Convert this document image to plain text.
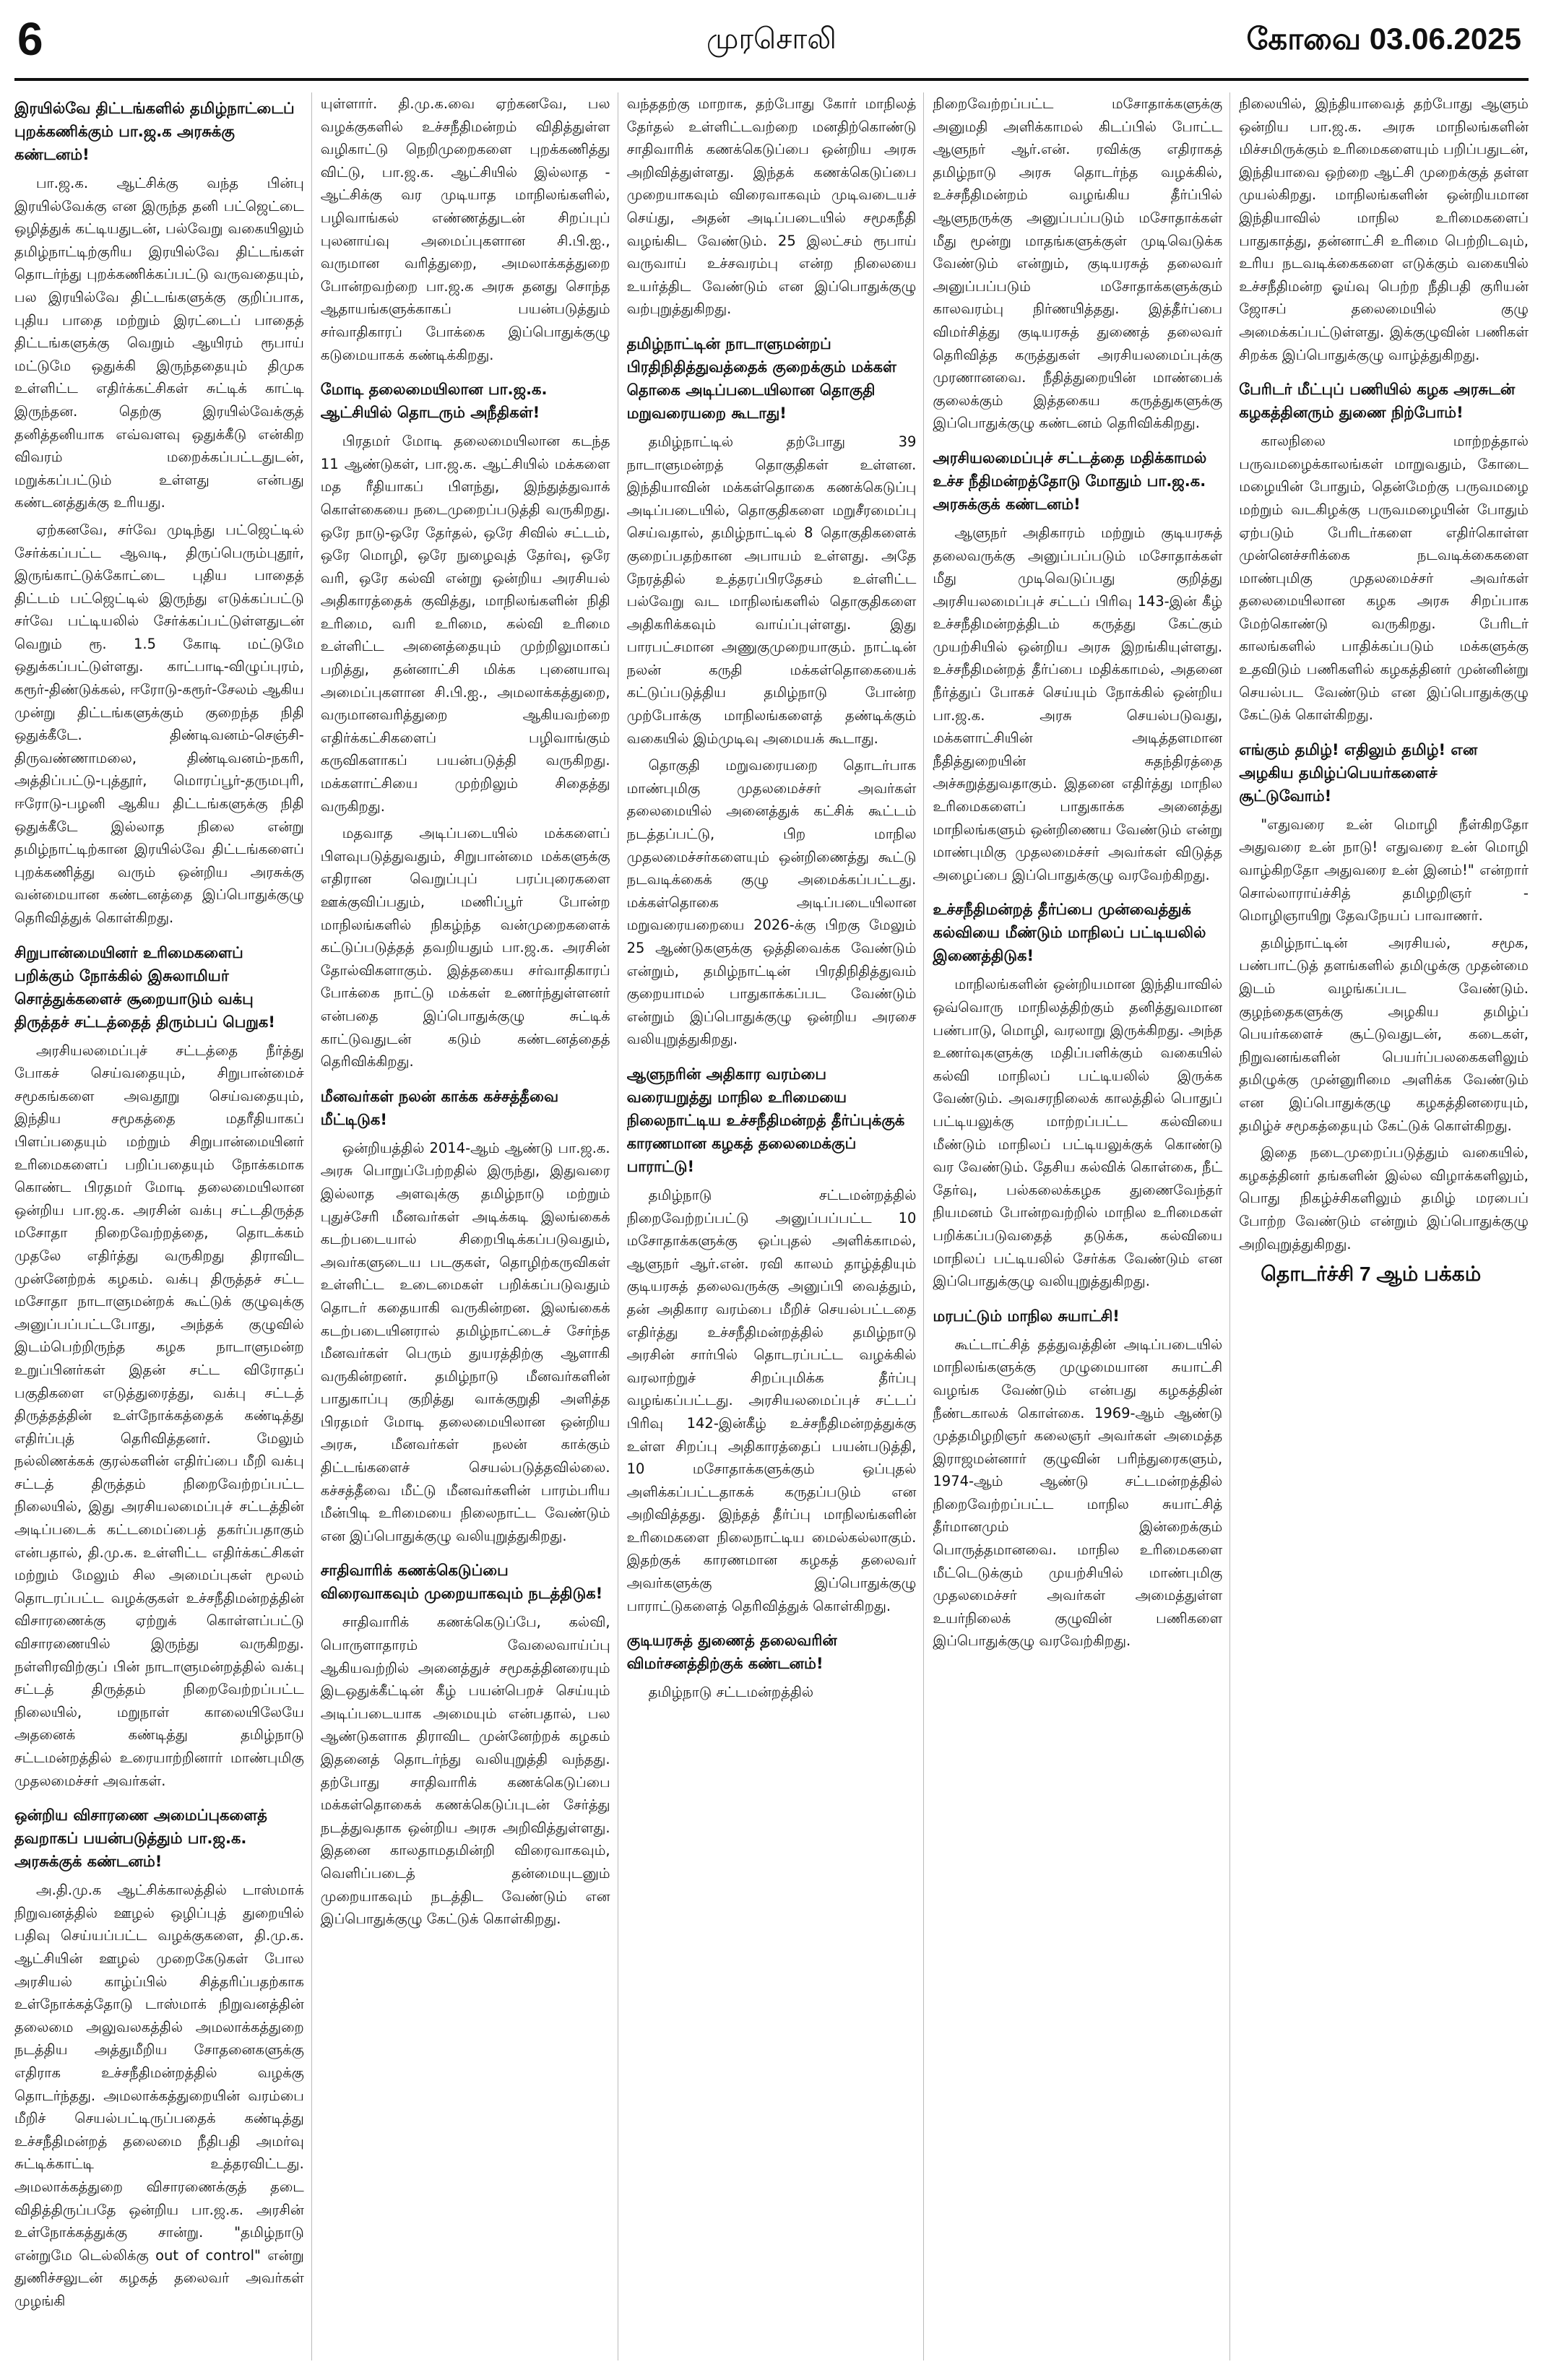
6	முரசொலி	கோவை 03.06.2025
இரயில்வே திட்டங்களில் தமிழ்நாட்டைப் புறக்கணிக்கும் பா.ஜ.க அரசுக்கு கண்டனம்!

பா.ஜ.க. ஆட்சிக்கு வந்த பின்பு இரயில்வேக்கு என இருந்த தனி பட்ஜெட்டை ஒழித்துக் கட்டியதுடன், பல்வேறு வகையிலும் தமிழ்நாட்டிற்குரிய இரயில்வே திட்டங்கள் தொடர்ந்து புறக்கணிக்கப்பட்டு வருவதையும், பல இரயில்வே திட்டங்களுக்கு குறிப்பாக, புதிய பாதை மற்றும் இரட்டைப் பாதைத் திட்டங்களுக்கு வெறும் ஆயிரம் ரூபாய் மட்டுமே ஒதுக்கி இருந்ததையும் திமுக உள்ளிட்ட எதிர்க்கட்சிகள் சுட்டிக் காட்டி இருந்தன. தெற்கு இரயில்வேக்குத் தனித்தனியாக எவ்வளவு ஒதுக்கீடு என்கிற விவரம் மறைக்கப்பட்டதுடன், மறுக்கப்பட்டும் உள்ளது என்பது கண்டனத்துக்கு உரியது.

ஏற்கனவே, சர்வே முடிந்து பட்ஜெட்டில் சேர்க்கப்பட்ட ஆவடி, திருப்பெரும்புதூர், இருங்காட்டுக்கோட்டை புதிய பாதைத் திட்டம் பட்ஜெட்டில் இருந்து எடுக்கப்பட்டு சர்வே பட்டியலில் சேர்க்கப்பட்டுள்ளதுடன் வெறும் ரூ. 1.5 கோடி மட்டுமே ஒதுக்கப்பட்டுள்ளது. காட்பாடி-விழுப்புரம், கரூர்-திண்டுக்கல், ஈரோடு-கரூர்-சேலம் ஆகிய முன்று திட்டங்களுக்கும் குறைந்த நிதி ஒதுக்கீடே. திண்டிவனம்-செஞ்சி-திருவண்ணாமலை, திண்டிவனம்-நகரி, அத்திப்பட்டு-புத்தூர், மொரப்பூர்-தருமபுரி, ஈரோடு-பழனி ஆகிய திட்டங்களுக்கு நிதி ஒதுக்கீடே இல்லாத நிலை என்று தமிழ்நாட்டிற்கான இரயில்வே திட்டங்களைப் புறக்கணித்து வரும் ஒன்றிய அரசுக்கு வன்மையான கண்டனத்தை இப்பொதுக்குழு தெரிவித்துக் கொள்கிறது.

சிறுபான்மையினர் உரிமைகளைப் பறிக்கும் நோக்கில் இசுலாமியர் சொத்துக்களைச் சூறையாடும் வக்பு திருத்தச் சட்டத்தைத் திரும்பப் பெறுக!

அரசியலமைப்புச் சட்டத்தை நீர்த்து போகச் செய்வதையும், சிறுபான்மைச் சமூகங்களை அவதூறு செய்வதையும், இந்திய சமூகத்தை மதரீதியாகப் பிளப்பதையும் மற்றும் சிறுபான்மையினர் உரிமைகளைப் பறிப்பதையும் நோக்கமாக கொண்ட பிரதமர் மோடி தலைமையிலான ஒன்றிய பா.ஜ.க. அரசின் வக்பு சட்டதிருத்த மசோதா நிறைவேற்றத்தை, தொடக்கம் முதலே எதிர்த்து வருகிறது திராவிட முன்னேற்றக் கழகம். வக்பு திருத்தச் சட்ட மசோதா நாடாளுமன்றக் கூட்டுக் குழுவுக்கு அனுப்பப்பட்டபோது, அந்தக் குழுவில் இடம்பெற்றிருந்த கழக நாடாளுமன்ற உறுப்பினர்கள் இதன் சட்ட விரோதப் பகுதிகளை எடுத்துரைத்து, வக்பு சட்டத் திருத்தத்தின் உள்நோக்கத்தைக் கண்டித்து எதிர்ப்புத் தெரிவித்தனர். மேலும் நல்லிணக்கக் குரல்களின் எதிர்ப்பை மீறி வக்பு சட்டத் திருத்தம் நிறைவேற்றப்பட்ட நிலையில், இது அரசியலமைப்புச் சட்டத்தின் அடிப்படைக் கட்டமைப்பைத் தகர்ப்பதாகும் என்பதால், தி.மு.க. உள்ளிட்ட எதிர்க்கட்சிகள் மற்றும் மேலும் சில அமைப்புகள் மூலம் தொடரப்பட்ட வழக்குகள் உச்சநீதிமன்றத்தின் விசாரணைக்கு ஏற்றுக் கொள்ளப்பட்டு விசாரணையில் இருந்து வருகிறது. நள்ளிரவிற்குப் பின் நாடாளுமன்றத்தில் வக்பு சட்டத் திருத்தம் நிறைவேற்றப்பட்ட நிலையில், மறுநாள் காலையிலேயே அதனைக் கண்டித்து தமிழ்நாடு சட்டமன்றத்தில் உரையாற்றினார் மாண்புமிகு முதலமைச்சர் அவர்கள்.

ஒன்றிய விசாரணை அமைப்புகளைத் தவறாகப் பயன்படுத்தும் பா.ஜ.க. அரசுக்குக் கண்டனம்!

அ.தி.மு.க ஆட்சிக்காலத்தில் டாஸ்மாக் நிறுவனத்தில் ஊழல் ஒழிப்புத் துறையில் பதிவு செய்யப்பட்ட வழக்குகளை, தி.மு.க. ஆட்சியின் ஊழல் முறைகேடுகள் போல அரசியல் காழ்ப்பில் சித்தரிப்பதற்காக உள்நோக்கத்தோடு டாஸ்மாக் நிறுவனத்தின் தலைமை அலுவலகத்தில் அமலாக்கத்துறை நடத்திய அத்துமீறிய சோதனைகளுக்கு எதிராக உச்சநீதிமன்றத்தில் வழக்கு தொடர்ந்தது. அமலாக்கத்துறையின் வரம்பை மீறிச் செயல்பட்டிருப்பதைக் கண்டித்து உச்சநீதிமன்றத் தலைமை நீதிபதி அமர்வு சுட்டிக்காட்டி உத்தரவிட்டது. அமலாக்கத்துறை விசாரணைக்குத் தடை விதித்திருப்பதே ஒன்றிய பா.ஜ.க. அரசின் உள்நோக்கத்துக்கு சான்று. "தமிழ்நாடு என்றுமே டெல்லிக்கு out of control" என்று துணிச்சலுடன் கழகத் தலைவர் அவர்கள் முழங்கி

யுள்ளார். தி.மு.க.வை ஏற்கனவே, பல வழக்குகளில் உச்சநீதிமன்றம் விதித்துள்ள வழிகாட்டு நெறிமுறைகளை புறக்கணித்து விட்டு, பா.ஜ.க. ஆட்சியில் இல்லாத - ஆட்சிக்கு வர முடியாத மாநிலங்களில், பழிவாங்கல் எண்ணத்துடன் சிறப்புப் புலனாய்வு அமைப்புகளான சி.பி.ஐ., வருமான வரித்துறை, அமலாக்கத்துறை போன்றவற்றை பா.ஜ.க அரசு தனது சொந்த ஆதாயங்களுக்காகப் பயன்படுத்தும் சர்வாதிகாரப் போக்கை இப்பொதுக்குழு கடுமையாகக் கண்டிக்கிறது.

மோடி தலைமையிலான பா.ஜ.க. ஆட்சியில் தொடரும் அநீதிகள்!

பிரதமர் மோடி தலைமையிலான கடந்த 11 ஆண்டுகள், பா.ஜ.க. ஆட்சியில் மக்களை மத ரீதியாகப் பிளந்து, இந்துத்துவாக் கொள்கையை நடைமுறைப்படுத்தி வருகிறது. ஒரே நாடு-ஒரே தேர்தல், ஒரே சிவில் சட்டம், ஒரே மொழி, ஒரே நுழைவுத் தேர்வு, ஒரே வரி, ஒரே கல்வி என்று ஒன்றிய அரசியல் அதிகாரத்தைக் குவித்து, மாநிலங்களின் நிதி உரிமை, வரி உரிமை, கல்வி உரிமை உள்ளிட்ட அனைத்தையும் முற்றிலுமாகப் பறித்து, தன்னாட்சி மிக்க புனையாவு அமைப்புகளான சி.பி.ஐ., அமலாக்கத்துறை, வருமானவரித்துறை ஆகியவற்றை எதிர்க்கட்சிகளைப் பழிவாங்கும் கருவிகளாகப் பயன்படுத்தி வருகிறது. மக்களாட்சியை முற்றிலும் சிதைத்து வருகிறது.

மதவாத அடிப்படையில் மக்களைப் பிளவுபடுத்துவதும், சிறுபான்மை மக்களுக்கு எதிரான வெறுப்புப் பரப்புரைகளை ஊக்குவிப்பதும், மணிப்பூர் போன்ற மாநிலங்களில் நிகழ்ந்த வன்முறைகளைக் கட்டுப்படுத்தத் தவறியதும் பா.ஜ.க. அரசின் தோல்விகளாகும். இத்தகைய சர்வாதிகாரப் போக்கை நாட்டு மக்கள் உணர்ந்துள்ளனர் என்பதை இப்பொதுக்குழு சுட்டிக் காட்டுவதுடன் கடும் கண்டனத்தைத் தெரிவிக்கிறது.

மீனவர்கள் நலன் காக்க கச்சத்தீவை மீட்டிடுக!

ஒன்றியத்தில் 2014-ஆம் ஆண்டு பா.ஜ.க. அரசு பொறுப்பேற்றதில் இருந்து, இதுவரை இல்லாத அளவுக்கு தமிழ்நாடு மற்றும் புதுச்சேரி மீனவர்கள் அடிக்கடி இலங்கைக் கடற்படையால் சிறைபிடிக்கப்படுவதும், அவர்களுடைய படகுகள், தொழிற்கருவிகள் உள்ளிட்ட உடைமைகள் பறிக்கப்படுவதும் தொடர் கதையாகி வருகின்றன. இலங்கைக் கடற்படையினரால் தமிழ்நாட்டைச் சேர்ந்த மீனவர்கள் பெரும் துயரத்திற்கு ஆளாகி வருகின்றனர். தமிழ்நாடு மீனவர்களின் பாதுகாப்பு குறித்து வாக்குறுதி அளித்த பிரதமர் மோடி தலைமையிலான ஒன்றிய அரசு, மீனவர்கள் நலன் காக்கும் திட்டங்களைச் செயல்படுத்தவில்லை. கச்சத்தீவை மீட்டு மீனவர்களின் பாரம்பரிய மீன்பிடி உரிமையை நிலைநாட்ட வேண்டும் என இப்பொதுக்குழு வலியுறுத்துகிறது.

சாதிவாரிக் கணக்கெடுப்பை விரைவாகவும் முறையாகவும் நடத்திடுக!

சாதிவாரிக் கணக்கெடுப்பே, கல்வி, பொருளாதாரம் வேலைவாய்ப்பு ஆகியவற்றில் அனைத்துச் சமூகத்தினரையும் இடஒதுக்கீட்டின் கீழ் பயன்பெறச் செய்யும் அடிப்படையாக அமையும் என்பதால், பல ஆண்டுகளாக திராவிட முன்னேற்றக் கழகம் இதனைத் தொடர்ந்து வலியுறுத்தி வந்தது. தற்போது சாதிவாரிக் கணக்கெடுப்பை மக்கள்தொகைக் கணக்கெடுப்புடன் சேர்த்து நடத்துவதாக ஒன்றிய அரசு அறிவித்துள்ளது. இதனை காலதாமதமின்றி விரைவாகவும், வெளிப்படைத் தன்மையுடனும் முறையாகவும் நடத்திட வேண்டும் என இப்பொதுக்குழு கேட்டுக் கொள்கிறது.

வந்ததற்கு மாறாக, தற்போது கோர் மாநிலத் தேர்தல் உள்ளிட்டவற்றை மனதிற்கொண்டு சாதிவாரிக் கணக்கெடுப்பை ஒன்றிய அரசு அறிவித்துள்ளது. இந்தக் கணக்கெடுப்பை முறையாகவும் விரைவாகவும் முடிவடையச் செய்து, அதன் அடிப்படையில் சமூகநீதி வழங்கிட வேண்டும். 25 இலட்சம் ரூபாய் வருவாய் உச்சவரம்பு என்ற நிலையை உயர்த்திட வேண்டும் என இப்பொதுக்குழு வற்புறுத்துகிறது.

தமிழ்நாட்டின் நாடாளுமன்றப் பிரதிநிதித்துவத்தைக் குறைக்கும் மக்கள் தொகை அடிப்படையிலான தொகுதி மறுவரையறை கூடாது!

தமிழ்நாட்டில் தற்போது 39 நாடாளுமன்றத் தொகுதிகள் உள்ளன. இந்தியாவின் மக்கள்தொகை கணக்கெடுப்பு அடிப்படையில், தொகுதிகளை மறுசீரமைப்பு செய்வதால், தமிழ்நாட்டில் 8 தொகுதிகளைக் குறைப்பதற்கான அபாயம் உள்ளது. அதே நேரத்தில் உத்தரப்பிரதேசம் உள்ளிட்ட பல்வேறு வட மாநிலங்களில் தொகுதிகளை அதிகரிக்கவும் வாய்ப்புள்ளது. இது பாரபட்சமான அணுகுமுறையாகும். நாட்டின் நலன் கருதி மக்கள்தொகையைக் கட்டுப்படுத்திய தமிழ்நாடு போன்ற முற்போக்கு மாநிலங்களைத் தண்டிக்கும் வகையில் இம்முடிவு அமையக் கூடாது.

தொகுதி மறுவரையறை தொடர்பாக மாண்புமிகு முதலமைச்சர் அவர்கள் தலைமையில் அனைத்துக் கட்சிக் கூட்டம் நடத்தப்பட்டு, பிற மாநில முதலமைச்சர்களையும் ஒன்றிணைத்து கூட்டு நடவடிக்கைக் குழு அமைக்கப்பட்டது. மக்கள்தொகை அடிப்படையிலான மறுவரையறையை 2026-க்கு பிறகு மேலும் 25 ஆண்டுகளுக்கு ஒத்திவைக்க வேண்டும் என்றும், தமிழ்நாட்டின் பிரதிநிதித்துவம் குறையாமல் பாதுகாக்கப்பட வேண்டும் என்றும் இப்பொதுக்குழு ஒன்றிய அரசை வலியுறுத்துகிறது.

ஆளுநரின் அதிகார வரம்பை வரையறுத்து மாநில உரிமையை நிலைநாட்டிய உச்சநீதிமன்றத் தீர்ப்புக்குக் காரணமான கழகத் தலைமைக்குப் பாராட்டு!

தமிழ்நாடு சட்டமன்றத்தில் நிறைவேற்றப்பட்டு அனுப்பப்பட்ட 10 மசோதாக்களுக்கு ஒப்புதல் அளிக்காமல், ஆளுநர் ஆர்.என். ரவி காலம் தாழ்த்தியும் குடியரசுத் தலைவருக்கு அனுப்பி வைத்தும், தன் அதிகார வரம்பை மீறிச் செயல்பட்டதை எதிர்த்து உச்சநீதிமன்றத்தில் தமிழ்நாடு அரசின் சார்பில் தொடரப்பட்ட வழக்கில் வரலாற்றுச் சிறப்புமிக்க தீர்ப்பு வழங்கப்பட்டது. அரசியலமைப்புச் சட்டப் பிரிவு 142-இன்கீழ் உச்சநீதிமன்றத்துக்கு உள்ள சிறப்பு அதிகாரத்தைப் பயன்படுத்தி, 10 மசோதாக்களுக்கும் ஒப்புதல் அளிக்கப்பட்டதாகக் கருதப்படும் என அறிவித்தது. இந்தத் தீர்ப்பு மாநிலங்களின் உரிமைகளை நிலைநாட்டிய மைல்கல்லாகும். இதற்குக் காரணமான கழகத் தலைவர் அவர்களுக்கு இப்பொதுக்குழு பாராட்டுகளைத் தெரிவித்துக் கொள்கிறது.

குடியரசுத் துணைத் தலைவரின் விமர்சனத்திற்குக் கண்டனம்!

தமிழ்நாடு சட்டமன்றத்தில்

நிறைவேற்றப்பட்ட மசோதாக்களுக்கு அனுமதி அளிக்காமல் கிடப்பில் போட்ட ஆளுநர் ஆர்.என். ரவிக்கு எதிராகத் தமிழ்நாடு அரசு தொடர்ந்த வழக்கில், உச்சநீதிமன்றம் வழங்கிய தீர்ப்பில் ஆளுநருக்கு அனுப்பப்படும் மசோதாக்கள் மீது மூன்று மாதங்களுக்குள் முடிவெடுக்க வேண்டும் என்றும், குடியரசுத் தலைவர் அனுப்பப்படும் மசோதாக்களுக்கும் காலவரம்பு நிர்ணயித்தது. இத்தீர்ப்பை விமர்சித்து குடியரசுத் துணைத் தலைவர் தெரிவித்த கருத்துகள் அரசியலமைப்புக்கு முரணானவை. நீதித்துறையின் மாண்பைக் குலைக்கும் இத்தகைய கருத்துகளுக்கு இப்பொதுக்குழு கண்டனம் தெரிவிக்கிறது.

அரசியலமைப்புச் சட்டத்தை மதிக்காமல் உச்ச நீதிமன்றத்தோடு மோதும் பா.ஜ.க. அரசுக்குக் கண்டனம்!

ஆளுநர் அதிகாரம் மற்றும் குடியரசுத் தலைவருக்கு அனுப்பப்படும் மசோதாக்கள் மீது முடிவெடுப்பது குறித்து அரசியலமைப்புச் சட்டப் பிரிவு 143-இன் கீழ் உச்சநீதிமன்றத்திடம் கருத்து கேட்கும் முயற்சியில் ஒன்றிய அரசு இறங்கியுள்ளது. உச்சநீதிமன்றத் தீர்ப்பை மதிக்காமல், அதனை நீர்த்துப் போகச் செய்யும் நோக்கில் ஒன்றிய பா.ஜ.க. அரசு செயல்படுவது, மக்களாட்சியின் அடித்தளமான நீதித்துறையின் சுதந்திரத்தை அச்சுறுத்துவதாகும். இதனை எதிர்த்து மாநில உரிமைகளைப் பாதுகாக்க அனைத்து மாநிலங்களும் ஒன்றிணைய வேண்டும் என்று மாண்புமிகு முதலமைச்சர் அவர்கள் விடுத்த அழைப்பை இப்பொதுக்குழு வரவேற்கிறது.

உச்சநீதிமன்றத் தீர்ப்பை முன்வைத்துக் கல்வியை மீண்டும் மாநிலப் பட்டியலில் இணைத்திடுக!

மாநிலங்களின் ஒன்றியமான இந்தியாவில் ஒவ்வொரு மாநிலத்திற்கும் தனித்துவமான பண்பாடு, மொழி, வரலாறு இருக்கிறது. அந்த உணர்வுகளுக்கு மதிப்பளிக்கும் வகையில் கல்வி மாநிலப் பட்டியலில் இருக்க வேண்டும். அவசரநிலைக் காலத்தில் பொதுப் பட்டியலுக்கு மாற்றப்பட்ட கல்வியை மீண்டும் மாநிலப் பட்டியலுக்குக் கொண்டு வர வேண்டும். தேசிய கல்விக் கொள்கை, நீட் தேர்வு, பல்கலைக்கழக துணைவேந்தர் நியமனம் போன்றவற்றில் மாநில உரிமைகள் பறிக்கப்படுவதைத் தடுக்க, கல்வியை மாநிலப் பட்டியலில் சேர்க்க வேண்டும் என இப்பொதுக்குழு வலியுறுத்துகிறது.

மரபட்டும் மாநில சுயாட்சி!

கூட்டாட்சித் தத்துவத்தின் அடிப்படையில் மாநிலங்களுக்கு முழுமையான சுயாட்சி வழங்க வேண்டும் என்பது கழகத்தின் நீண்டகாலக் கொள்கை. 1969-ஆம் ஆண்டு முத்தமிழறிஞர் கலைஞர் அவர்கள் அமைத்த இராஜமன்னார் குழுவின் பரிந்துரைகளும், 1974-ஆம் ஆண்டு சட்டமன்றத்தில் நிறைவேற்றப்பட்ட மாநில சுயாட்சித் தீர்மானமும் இன்றைக்கும் பொருத்தமானவை. மாநில உரிமைகளை மீட்டெடுக்கும் முயற்சியில் மாண்புமிகு முதலமைச்சர் அவர்கள் அமைத்துள்ள உயர்நிலைக் குழுவின் பணிகளை இப்பொதுக்குழு வரவேற்கிறது.

நிலையில், இந்தியாவைத் தற்போது ஆளும் ஒன்றிய பா.ஜ.க. அரசு மாநிலங்களின் மிச்சமிருக்கும் உரிமைகளையும் பறிப்பதுடன், இந்தியாவை ஒற்றை ஆட்சி முறைக்குத் தள்ள முயல்கிறது. மாநிலங்களின் ஒன்றியமான இந்தியாவில் மாநில உரிமைகளைப் பாதுகாத்து, தன்னாட்சி உரிமை பெற்றிடவும், உரிய நடவடிக்கைகளை எடுக்கும் வகையில் உச்சநீதிமன்ற ஓய்வு பெற்ற நீதிபதி குரியன் ஜோசப் தலைமையில் குழு அமைக்கப்பட்டுள்ளது. இக்குழுவின் பணிகள் சிறக்க இப்பொதுக்குழு வாழ்த்துகிறது.

பேரிடர் மீட்புப் பணியில் கழக அரசுடன் கழகத்தினரும் துணை நிற்போம்!

காலநிலை மாற்றத்தால் பருவமழைக்காலங்கள் மாறுவதும், கோடை மழையின் போதும், தென்மேற்கு பருவமழை மற்றும் வடகிழக்கு பருவமழையின் போதும் ஏற்படும் பேரிடர்களை எதிர்கொள்ள முன்னெச்சரிக்கை நடவடிக்கைகளை மாண்புமிகு முதலமைச்சர் அவர்கள் தலைமையிலான கழக அரசு சிறப்பாக மேற்கொண்டு வருகிறது. பேரிடர் காலங்களில் பாதிக்கப்படும் மக்களுக்கு உதவிடும் பணிகளில் கழகத்தினர் முன்னின்று செயல்பட வேண்டும் என இப்பொதுக்குழு கேட்டுக் கொள்கிறது.

எங்கும் தமிழ்! எதிலும் தமிழ்! என அழகிய தமிழ்ப்பெயர்களைச் சூட்டுவோம்!

"எதுவரை உன் மொழி நீள்கிறதோ அதுவரை உன் நாடு! எதுவரை உன் மொழி வாழ்கிறதோ அதுவரை உன் இனம்!" என்றார் சொல்லாராய்ச்சித் தமிழறிஞர் - மொழிஞாயிறு தேவநேயப் பாவாணர்.

தமிழ்நாட்டின் அரசியல், சமூக, பண்பாட்டுத் தளங்களில் தமிழுக்கு முதன்மை இடம் வழங்கப்பட வேண்டும். குழந்தைகளுக்கு அழகிய தமிழ்ப் பெயர்களைச் சூட்டுவதுடன், கடைகள், நிறுவனங்களின் பெயர்ப்பலகைகளிலும் தமிழுக்கு முன்னுரிமை அளிக்க வேண்டும் என இப்பொதுக்குழு கழகத்தினரையும், தமிழ்ச் சமூகத்தையும் கேட்டுக் கொள்கிறது.

இதை நடைமுறைப்படுத்தும் வகையில், கழகத்தினர் தங்களின் இல்ல விழாக்களிலும், பொது நிகழ்ச்சிகளிலும் தமிழ் மரபைப் போற்ற வேண்டும் என்றும் இப்பொதுக்குழு அறிவுறுத்துகிறது.

தொடர்ச்சி 7 ஆம் பக்கம்
